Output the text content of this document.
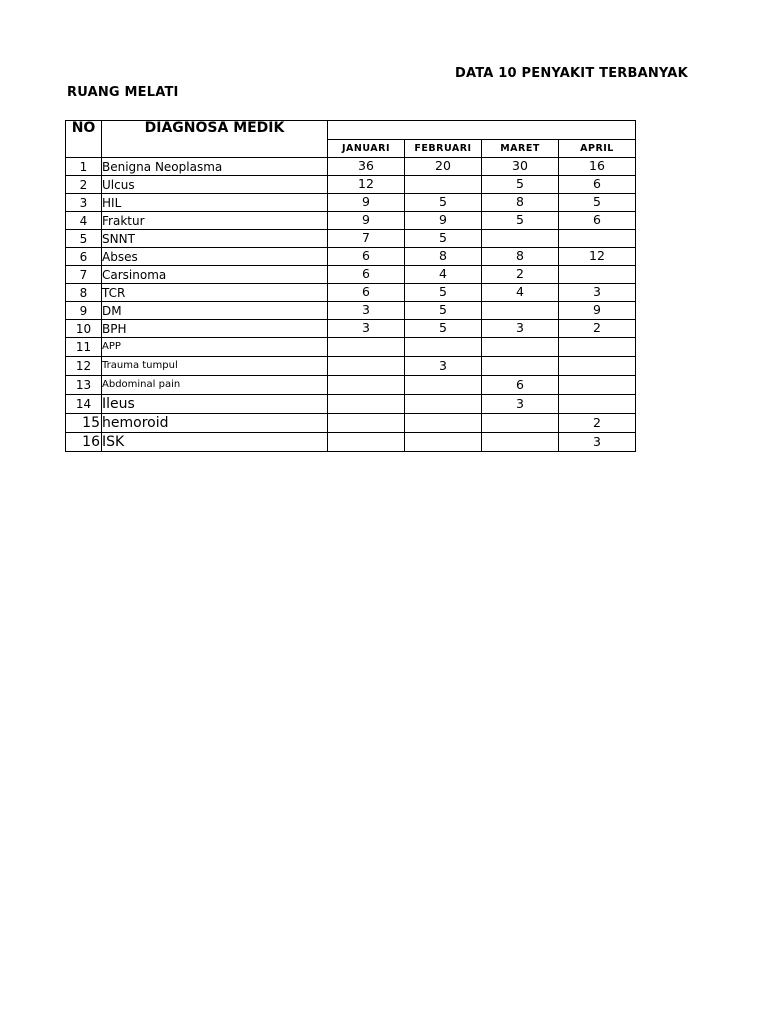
DATA 10 PENYAKIT TERBANYAK
RUANG MELATI
NO	DIAGNOSA MEDIK				
		JANUARI	FEBRUARI	MARET	APRIL
1	Benigna Neoplasma	36	20	30	16
2	Ulcus	12		5	6
3	HIL	9	5	8	5
4	Fraktur	9	9	5	6
5	SNNT	7	5		
6	Abses	6	8	8	12
7	Carsinoma	6	4	2	
8	TCR	6	5	4	3
9	DM	3	5		9
10	BPH	3	5	3	2
11	APP				
12	Trauma tumpul		3		
13	Abdominal pain			6	
14	Ileus			3	
15	hemoroid				2
16	ISK				3
